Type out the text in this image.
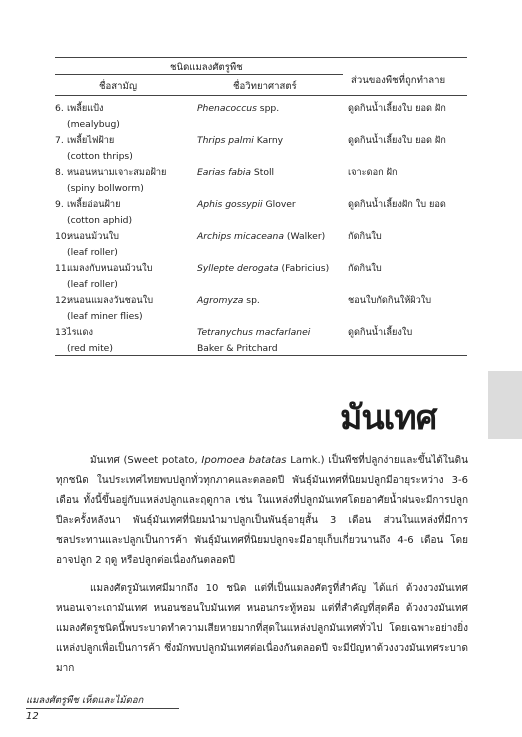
ชนิดแมลงศัตรูพืช
ชื่อสามัญ	ชื่อวิทยาศาสตร์
ส่วนของพืชที่ถูกทำลาย
6. เพลี้ยแป้ง
(mealybug)
Phenacoccus spp.	ดูดกินน้ำเลี้ยงใบ ยอด ฝัก
7. เพลี้ยไฟฝ้าย
(cotton thrips)
Thrips palmi Karny	ดูดกินน้ำเลี้ยงใบ ยอด ฝัก
8. หนอนหนามเจาะสมอฝ้าย
(spiny bollworm)
Earias fabia Stoll	เจาะดอก ฝัก
9. เพลี้ยอ่อนฝ้าย
(cotton aphid)
Aphis gossypii Glover	ดูดกินน้ำเลี้ยงฝัก ใบ ยอด
10.หนอนม้วนใบ
(leaf roller)
Archips micaceana (Walker)	กัดกินใบ
11.แมลงกับหนอนม้วนใบ
(leaf roller)
Syllepte derogata (Fabricius)	กัดกินใบ
12.หนอนแมลงวันชอนใบ
(leaf miner flies)
Agromyza sp.	ชอนใบกัดกินให้ผิวใบ
13.ไรแดง
(red mite)
Tetranychus macfarlanei
Baker & Pritchard
ดูดกินน้ำเลี้ยงใบ
มันเทศ

มันเทศ (Sweet potato, Ipomoea batatas Lamk.) เป็นพืชที่ปลูกง่ายและขึ้นได้ในดินทุกชนิด ในประเทศไทยพบปลูกทั่วทุกภาคและตลอดปี พันธุ์มันเทศที่นิยมปลูกมีอายุระหว่าง 3-6 เดือน ทั้งนี้ขึ้นอยู่กับแหล่งปลูกและฤดูกาล เช่น ในแหล่งที่ปลูกมันเทศโดยอาศัยน้ำฝนจะมีการปลูกปีละครั้งหลังนา พันธุ์มันเทศที่นิยมนำมาปลูกเป็นพันธุ์อายุสั้น 3 เดือน ส่วนในแหล่งที่มีการชลประทานและปลูกเป็นการค้า พันธุ์มันเทศที่นิยมปลูกจะมีอายุเก็บเกี่ยวนานถึง 4-6 เดือน โดยอาจปลูก 2 ฤดู หรือปลูกต่อเนื่องกันตลอดปี

แมลงศัตรูมันเทศมีมากถึง 10 ชนิด แต่ที่เป็นแมลงศัตรูที่สำคัญ ได้แก่ ด้วงงวงมันเทศ หนอนเจาะเถามันเทศ หนอนชอนใบมันเทศ หนอนกระทู้หอม แต่ที่สำคัญที่สุดคือ ด้วงงวงมันเทศ แมลงศัตรูชนิดนี้พบระบาดทำความเสียหายมากที่สุดในแหล่งปลูกมันเทศทั่วไป โดยเฉพาะอย่างยิ่งแหล่งปลูกเพื่อเป็นการค้า ซึ่งมักพบปลูกมันเทศต่อเนื่องกันตลอดปี จะมีปัญหาด้วงงวงมันเทศระบาดมาก

แมลงศัตรูพืช เห็ดและไม้ดอก
12
